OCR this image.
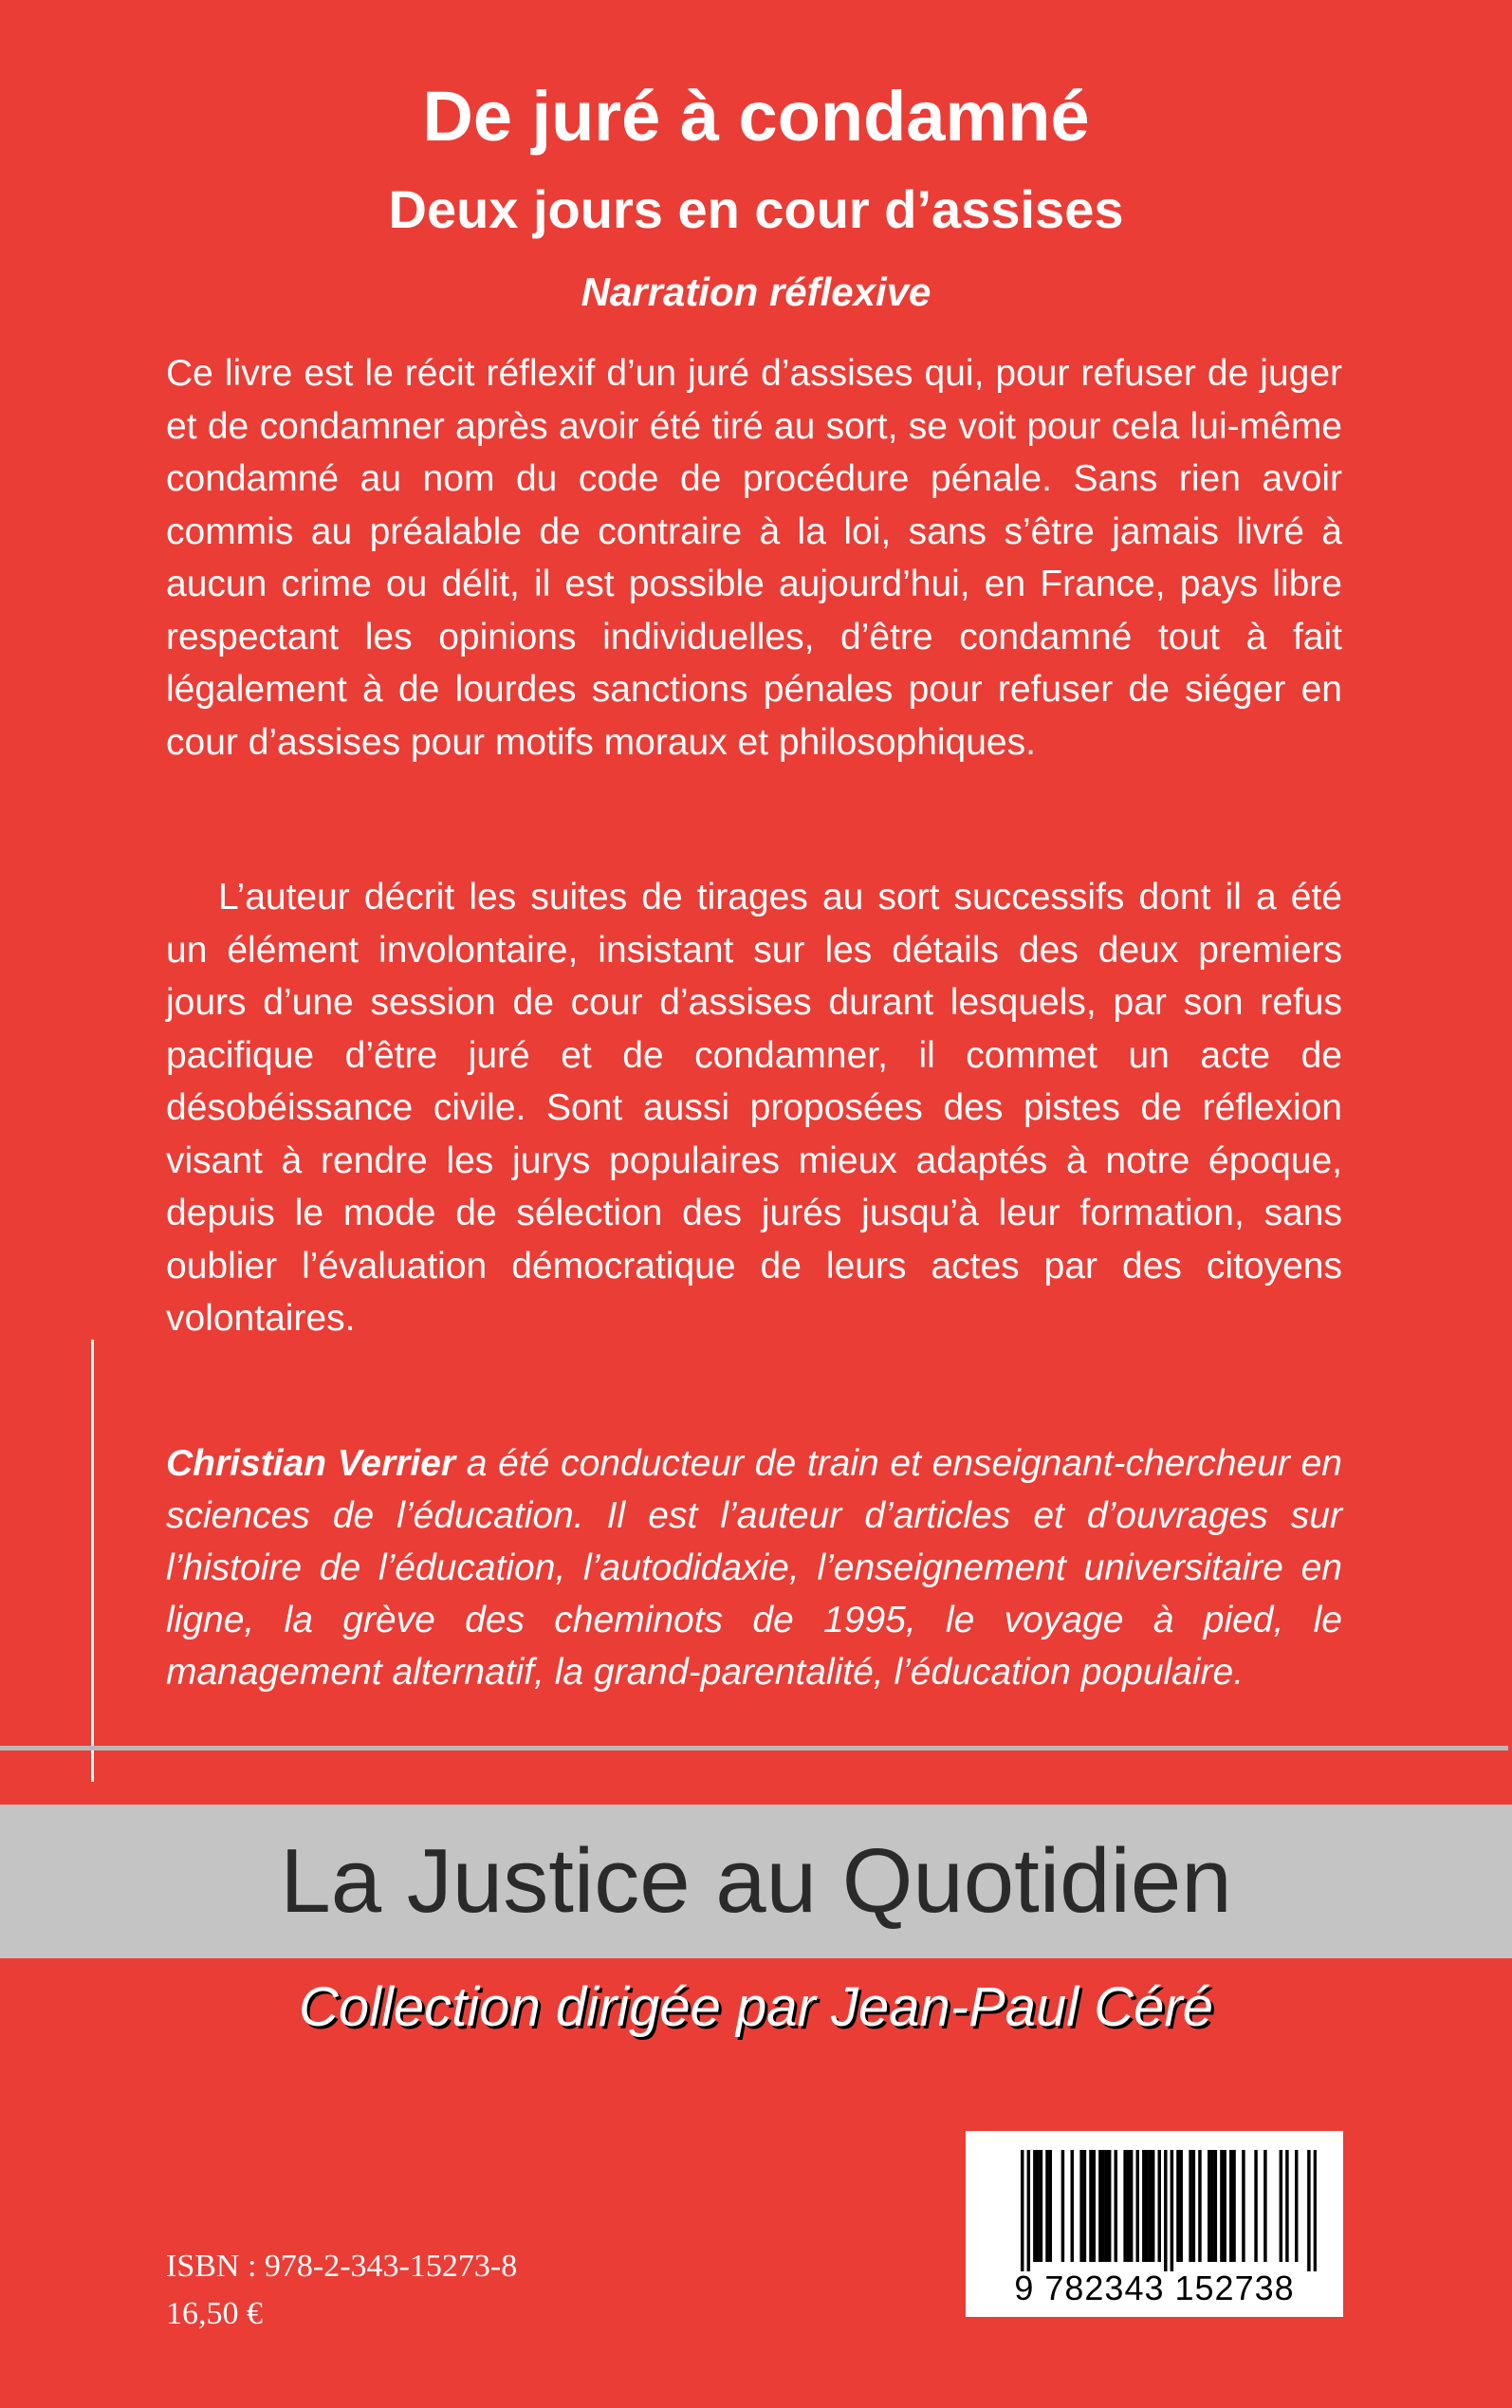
De juré à condamné
Deux jours en cour d’assises
Narration réflexive

Ce livre est le récit réflexif d’un juré d’assises qui, pour refuser de juger et de condamner après avoir été tiré au sort, se voit pour cela lui-même condamné au nom du code de procédure pénale. Sans rien avoir commis au préalable de contraire à la loi, sans s’être jamais livré à aucun crime ou délit, il est possible aujourd’hui, en France, pays libre respectant les opinions individuelles, d’être condamné tout à fait légalement à de lourdes sanctions pénales pour refuser de siéger en cour d’assises pour motifs moraux et philosophiques.

L’auteur décrit les suites de tirages au sort successifs dont il a été un élément involontaire, insistant sur les détails des deux premiers jours d’une session de cour d’assises durant lesquels, par son refus pacifique d’être juré et de condamner, il commet un acte de désobéissance civile. Sont aussi proposées des pistes de réflexion visant à rendre les jurys populaires mieux adaptés à notre époque, depuis le mode de sélection des jurés jusqu’à leur formation, sans oublier l’évaluation démocratique de leurs actes par des citoyens volontaires.

Christian Verrier a été conducteur de train et enseignant-chercheur en sciences de l’éducation. Il est l’auteur d’articles et d’ouvrages sur l’histoire de l’éducation, l’autodidaxie, l’enseignement universitaire en ligne, la grève des cheminots de 1995, le voyage à pied, le management alternatif, la grand-parentalité, l’éducation populaire.

La Justice au Quotidien
Collection dirigée par Jean-Paul Céré
9 782343 152738
ISBN : 978-2-343-15273-8
16,50 €
